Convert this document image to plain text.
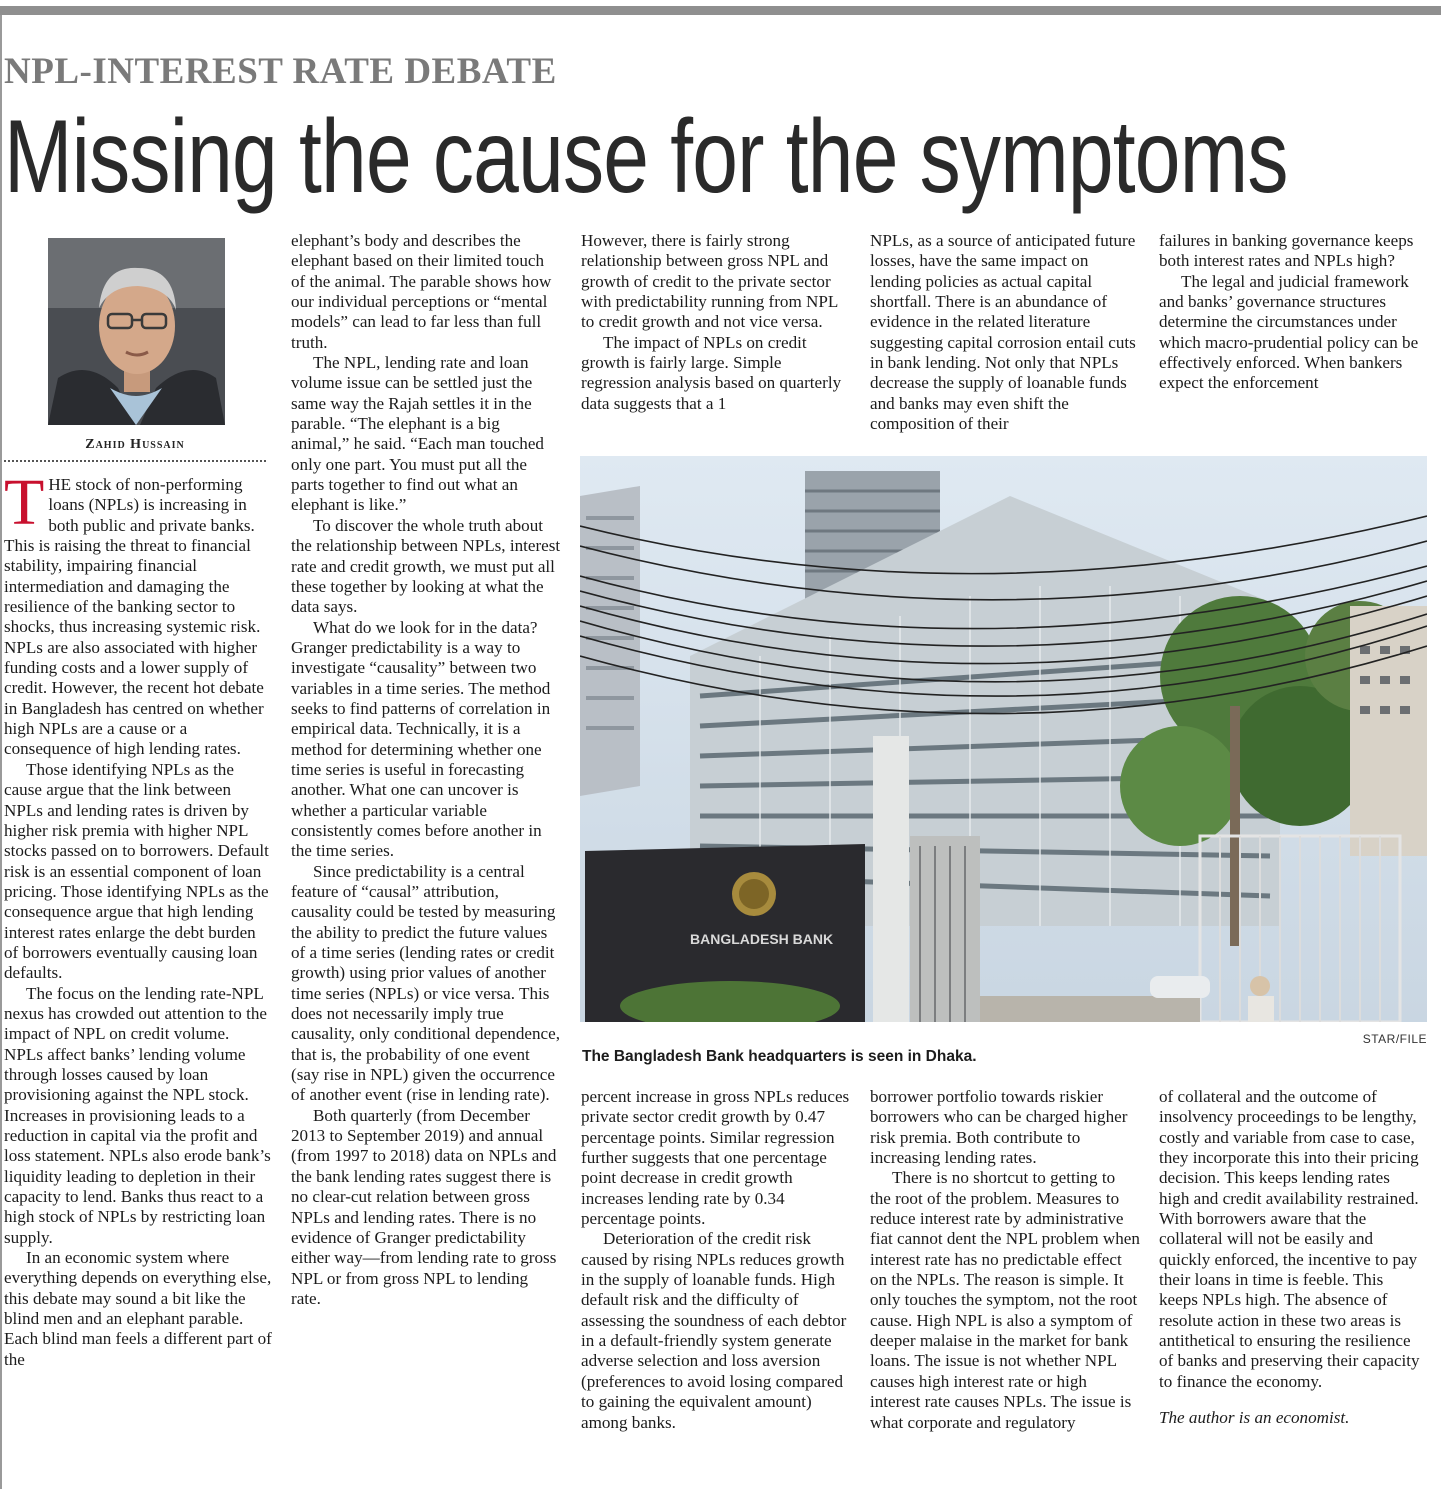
NPL-INTEREST RATE DEBATE
Missing the cause for the symptoms
Zahid Hussain

THE stock of non-performing loans (NPLs) is increasing in both public and private banks. This is raising the threat to financial stability, impairing financial intermediation and damaging the resilience of the banking sector to shocks, thus increasing systemic risk. NPLs are also associated with higher funding costs and a lower supply of credit. However, the recent hot debate in Bangladesh has centred on whether high NPLs are a cause or a consequence of high lending rates.

Those identifying NPLs as the cause argue that the link between NPLs and lending rates is driven by higher risk premia with higher NPL stocks passed on to borrowers. Default risk is an essential component of loan pricing. Those identifying NPLs as the consequence argue that high lending interest rates enlarge the debt burden of borrowers eventually causing loan defaults.

The focus on the lending rate-NPL nexus has crowded out attention to the impact of NPL on credit volume. NPLs affect banks’ lending volume through losses caused by loan provisioning against the NPL stock. Increases in provisioning leads to a reduction in capital via the profit and loss statement. NPLs also erode bank’s liquidity leading to depletion in their capacity to lend. Banks thus react to a high stock of NPLs by restricting loan supply.

In an economic system where everything depends on everything else, this debate may sound a bit like the blind men and an elephant parable. Each blind man feels a different part of the

elephant’s body and describes the elephant based on their limited touch of the animal. The parable shows how our individual perceptions or “mental models” can lead to far less than full truth.

The NPL, lending rate and loan volume issue can be settled just the same way the Rajah settles it in the parable. “The elephant is a big animal,” he said. “Each man touched only one part. You must put all the parts together to find out what an elephant is like.”

To discover the whole truth about the relationship between NPLs, interest rate and credit growth, we must put all these together by looking at what the data says.

What do we look for in the data? Granger predictability is a way to investigate “causality” between two variables in a time series. The method seeks to find patterns of correlation in empirical data. Technically, it is a method for determining whether one time series is useful in forecasting another. What one can uncover is whether a particular variable consistently comes before another in the time series.

Since predictability is a central feature of “causal” attribution, causality could be tested by measuring the ability to predict the future values of a time series (lending rates or credit growth) using prior values of another time series (NPLs) or vice versa. This does not necessarily imply true causality, only conditional dependence, that is, the probability of one event (say rise in NPL) given the occurrence of another event (rise in lending rate).

Both quarterly (from December 2013 to September 2019) and annual (from 1997 to 2018) data on NPLs and the bank lending rates suggest there is no clear-cut relation between gross NPLs and lending rates. There is no evidence of Granger predictability either way—from lending rate to gross NPL or from gross NPL to lending rate.

However, there is fairly strong relationship between gross NPL and growth of credit to the private sector with predictability running from NPL to credit growth and not vice versa.

The impact of NPLs on credit growth is fairly large. Simple regression analysis based on quarterly data suggests that a 1

NPLs, as a source of anticipated future losses, have the same impact on lending policies as actual capital shortfall. There is an abundance of evidence in the related literature suggesting capital corrosion entail cuts in bank lending. Not only that NPLs decrease the supply of loanable funds and banks may even shift the composition of their

failures in banking governance keeps both interest rates and NPLs high?

The legal and judicial framework and banks’ governance structures determine the circumstances under which macro-prudential policy can be effectively enforced. When bankers expect the enforcement

BANGLADESH BANK
STAR/FILE
The Bangladesh Bank headquarters is seen in Dhaka.

percent increase in gross NPLs reduces private sector credit growth by 0.47 percentage points. Similar regression further suggests that one percentage point decrease in credit growth increases lending rate by 0.34 percentage points.

Deterioration of the credit risk caused by rising NPLs reduces growth in the supply of loanable funds. High default risk and the difficulty of assessing the soundness of each debtor in a default-friendly system generate adverse selection and loss aversion (preferences to avoid losing compared to gaining the equivalent amount) among banks.

borrower portfolio towards riskier borrowers who can be charged higher risk premia. Both contribute to increasing lending rates.

There is no shortcut to getting to the root of the problem. Measures to reduce interest rate by administrative fiat cannot dent the NPL problem when interest rate has no predictable effect on the NPLs. The reason is simple. It only touches the symptom, not the root cause. High NPL is also a symptom of deeper malaise in the market for bank loans. The issue is not whether NPL causes high interest rate or high interest rate causes NPLs. The issue is what corporate and regulatory

of collateral and the outcome of insolvency proceedings to be lengthy, costly and variable from case to case, they incorporate this into their pricing decision. This keeps lending rates high and credit availability restrained. With borrowers aware that the collateral will not be easily and quickly enforced, the incentive to pay their loans in time is feeble. This keeps NPLs high. The absence of resolute action in these two areas is antithetical to ensuring the resilience of banks and preserving their capacity to finance the economy.

The author is an economist.
